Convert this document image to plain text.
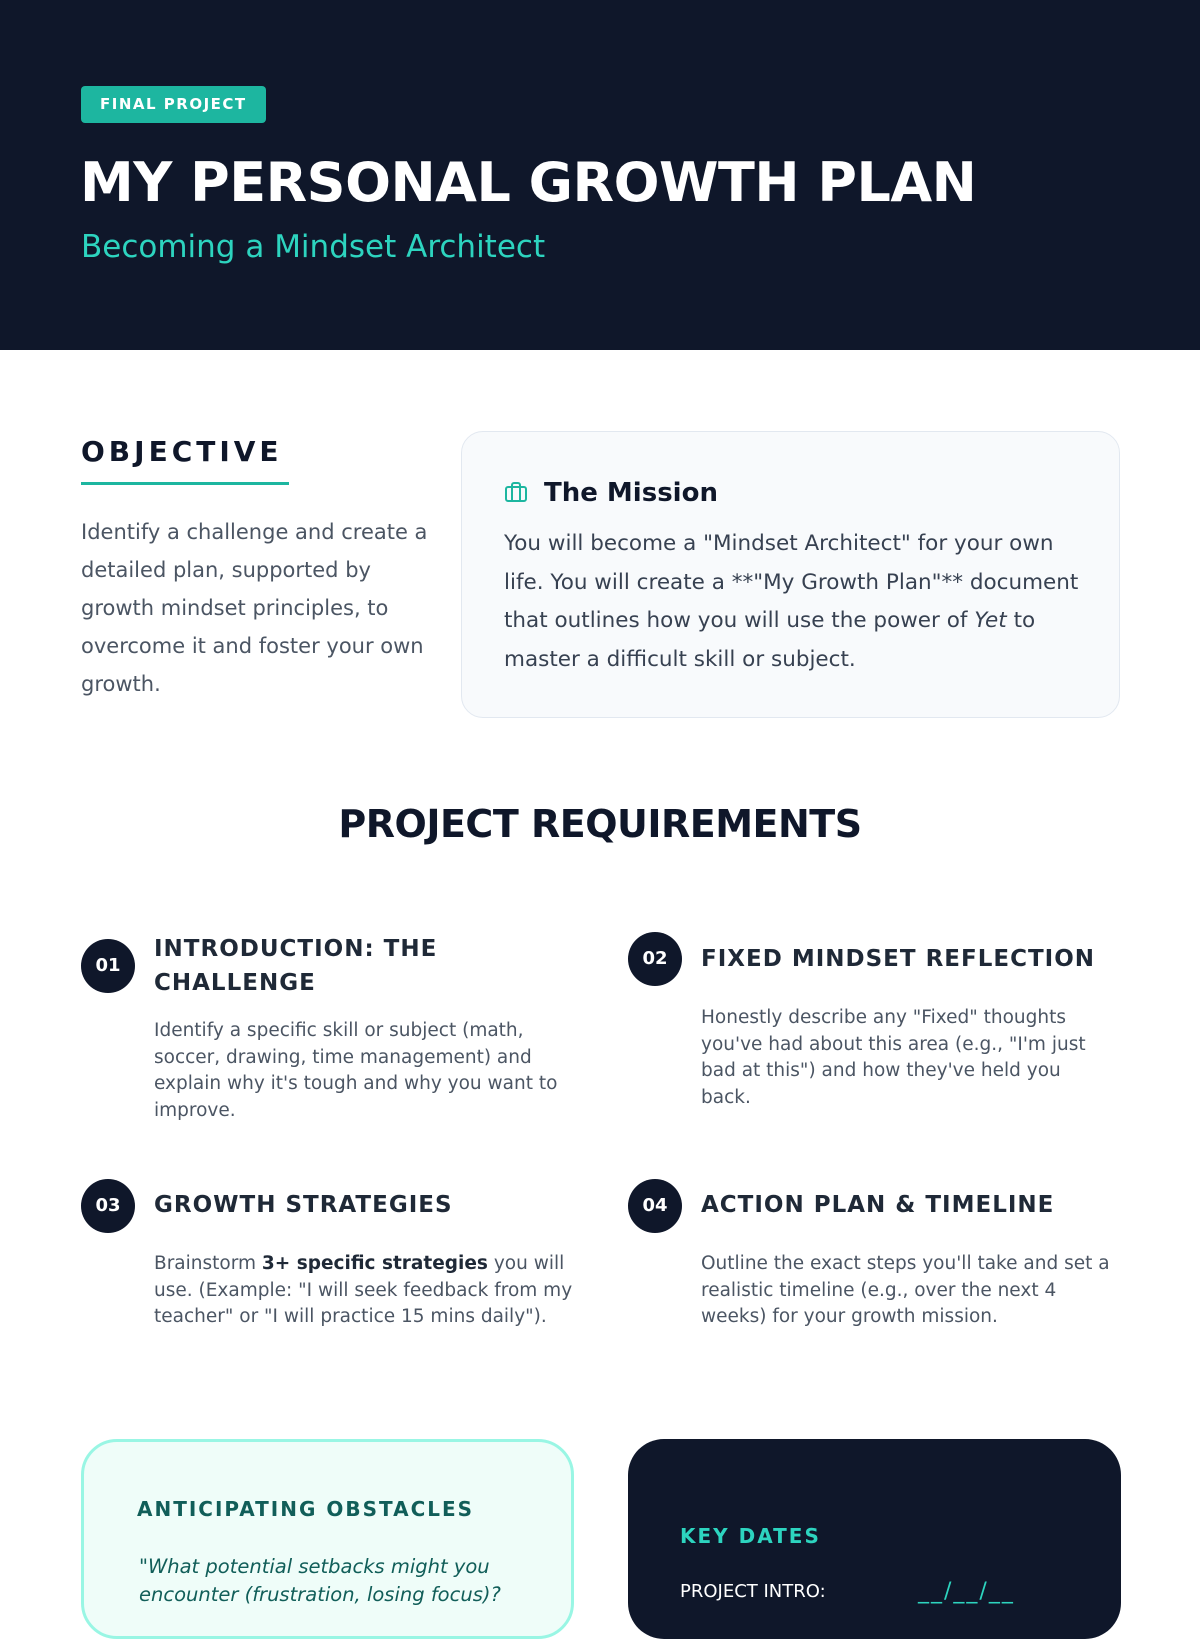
FINAL PROJECT
MY PERSONAL GROWTH PLAN
Becoming a Mindset Architect
OBJECTIVE
Identify a challenge and create a detailed plan, supported by growth mindset principles, to overcome it and foster your own growth.
The Mission
You will become a "Mindset Architect" for your own life. You will create a **"My Growth Plan"** document that outlines how you will use the power of Yet to master a difficult skill or subject.
PROJECT REQUIREMENTS
01
INTRODUCTION: THE CHALLENGE
Identify a specific skill or subject (math, soccer, drawing, time management) and explain why it's tough and why you want to improve.
02	FIXED MINDSET REFLECTION
Honestly describe any "Fixed" thoughts you've had about this area (e.g., "I'm just bad at this") and how they've held you back.
03	GROWTH STRATEGIES
Brainstorm 3+ specific strategies you will use. (Example: "I will seek feedback from my teacher" or "I will practice 15 mins daily").
04	ACTION PLAN & TIMELINE
Outline the exact steps you'll take and set a realistic timeline (e.g., over the next 4 weeks) for your growth mission.
ANTICIPATING OBSTACLES
"What potential setbacks might you encounter (frustration, losing focus)?
KEY DATES
PROJECT INTRO:	__/__/__
